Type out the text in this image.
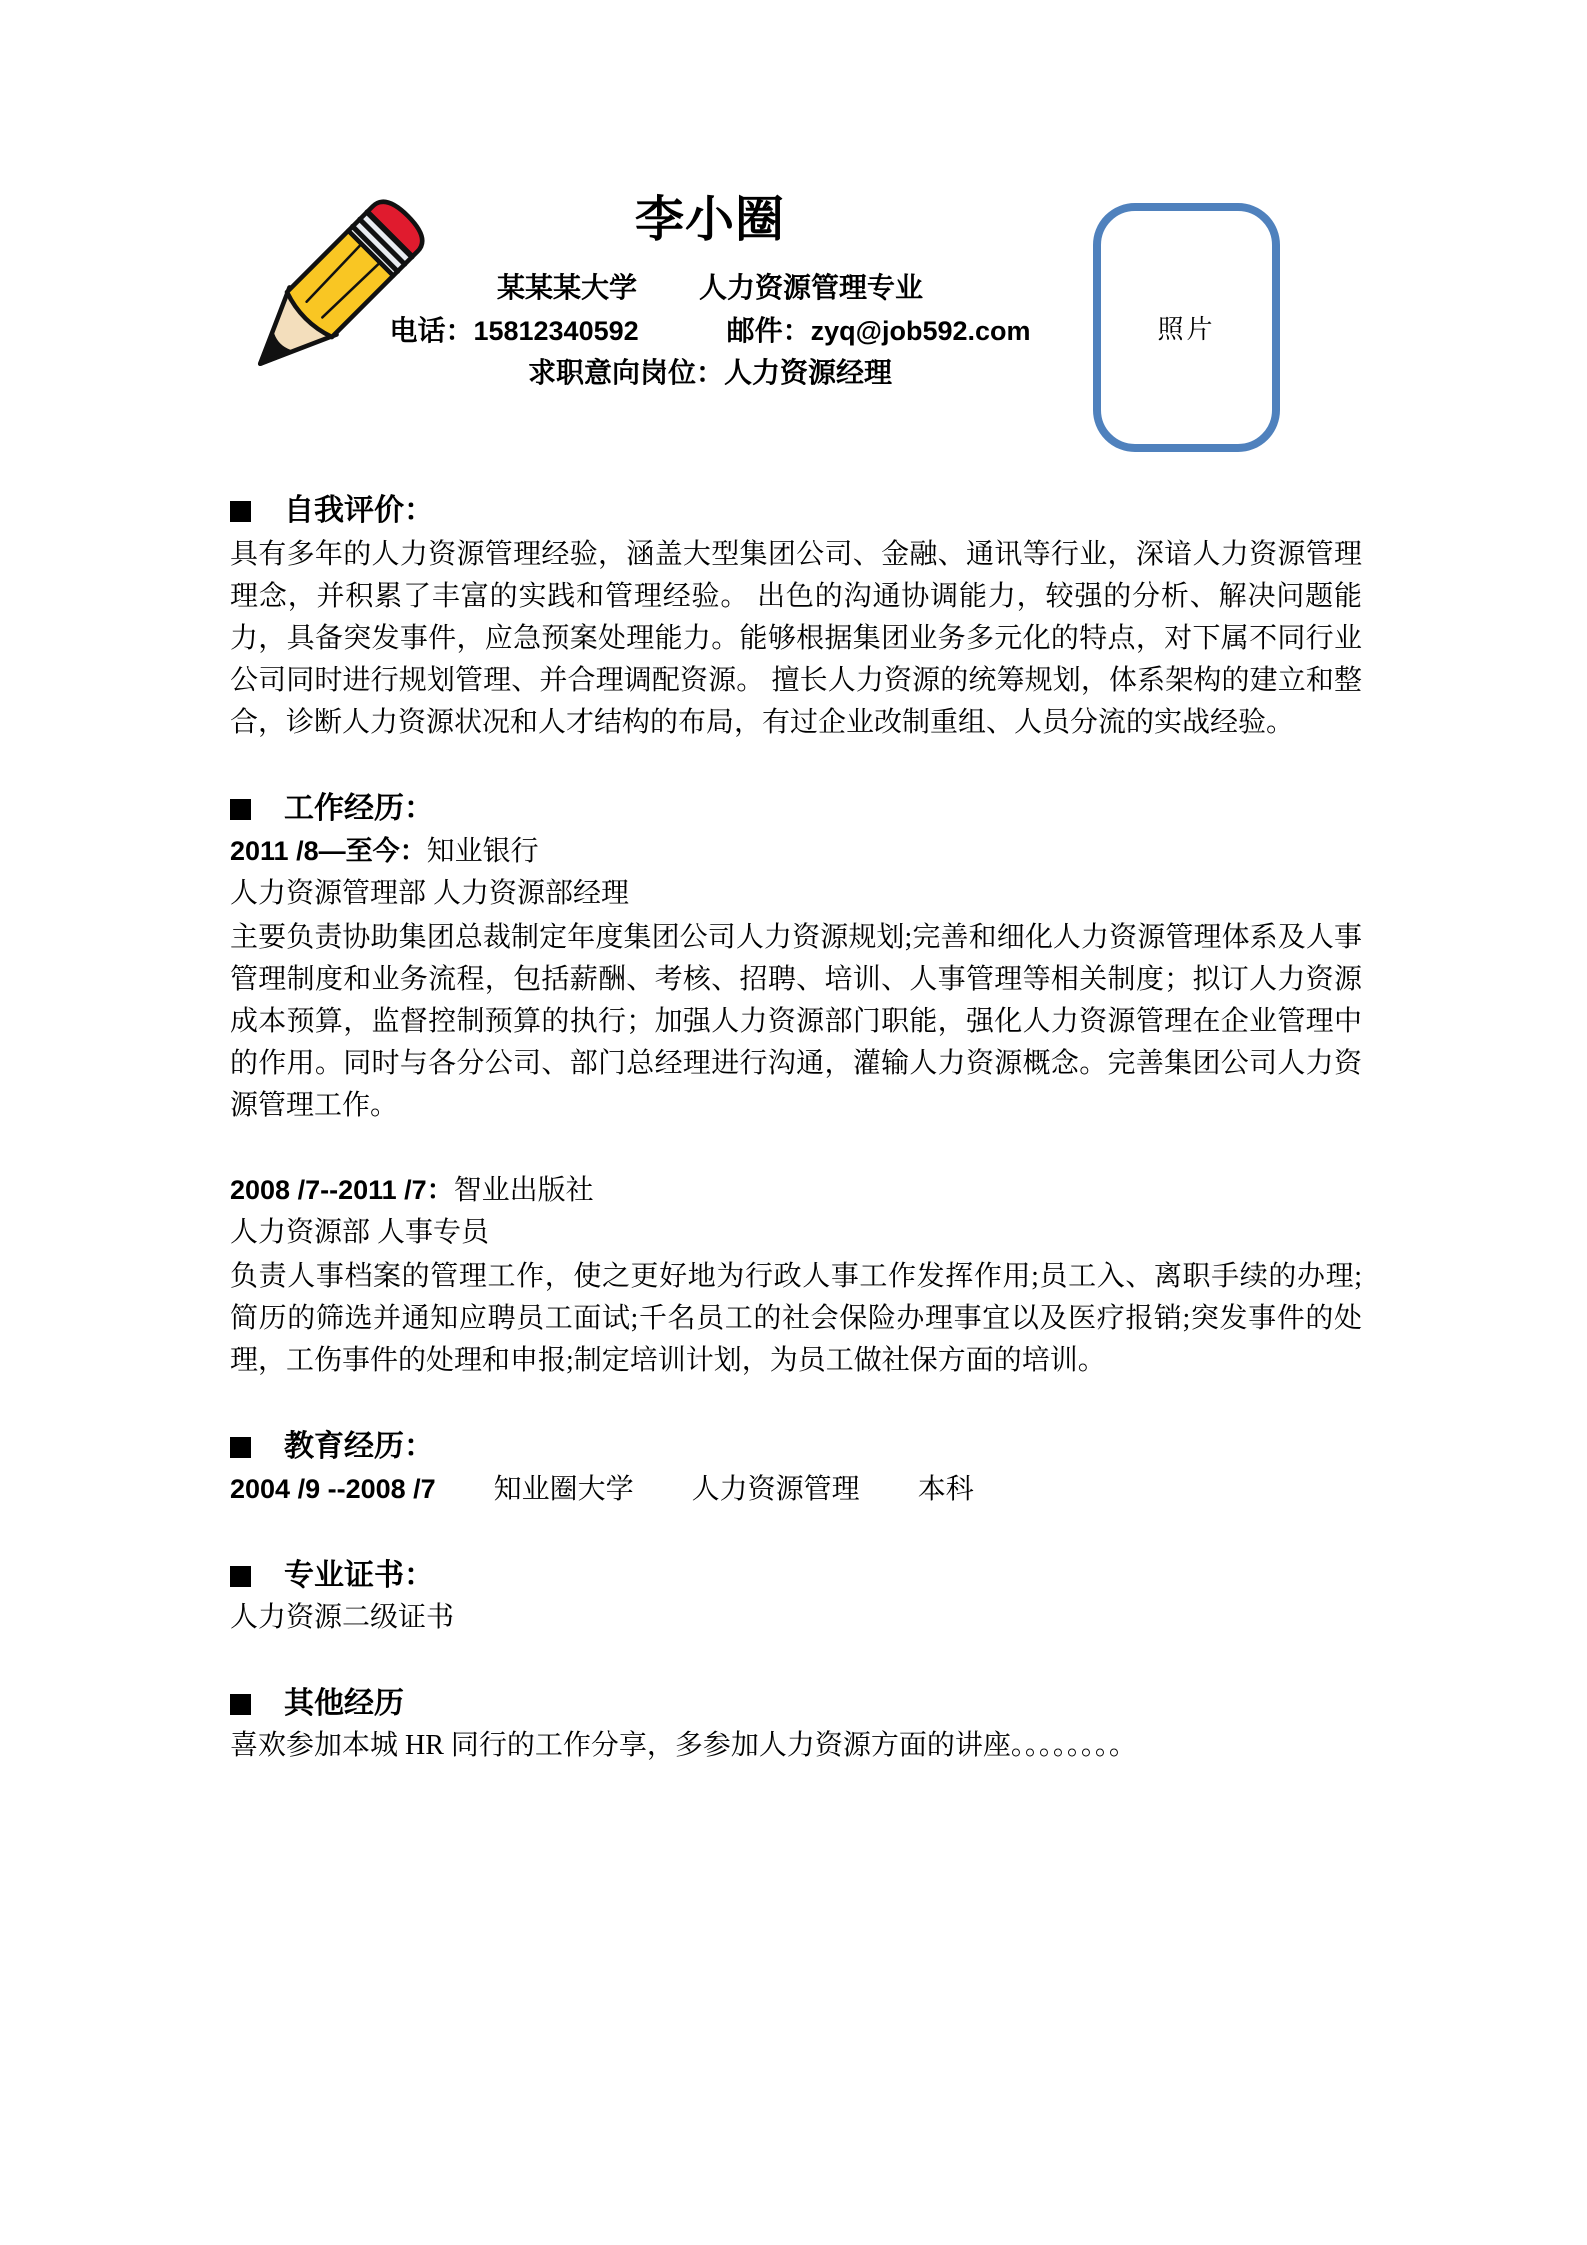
李小圈
某某某大学 人力资源管理专业
电话：15812340592	邮件：zyq@job592.com
求职意向岗位：人力资源经理
照片
自我评价：

具有多年的人力资源管理经验，涵盖大型集团公司、金融、通讯等行业，深谙人力资源管理理念，并积累了丰富的实践和管理经验。 出色的沟通协调能力，较强的分析、解决问题能力，具备突发事件，应急预案处理能力。能够根据集团业务多元化的特点，对下属不同行业公司同时进行规划管理、并合理调配资源。 擅长人力资源的统筹规划，体系架构的建立和整合，诊断人力资源状况和人才结构的布局，有过企业改制重组、人员分流的实战经验。

工作经历：

2011 /8—至今：知业银行

人力资源管理部 人力资源部经理

主要负责协助集团总裁制定年度集团公司人力资源规划;完善和细化人力资源管理体系及人事管理制度和业务流程，包括薪酬、考核、招聘、培训、人事管理等相关制度；拟订人力资源成本预算，监督控制预算的执行；加强人力资源部门职能，强化人力资源管理在企业管理中的作用。同时与各分公司、部门总经理进行沟通，灌输人力资源概念。完善集团公司人力资源管理工作。

2008 /7--2011 /7：智业出版社

人力资源部 人事专员

负责人事档案的管理工作，使之更好地为行政人事工作发挥作用;员工入、离职手续的办理;简历的筛选并通知应聘员工面试;千名员工的社会保险办理事宜以及医疗报销;突发事件的处理，工伤事件的处理和申报;制定培训计划，为员工做社保方面的培训。

教育经历：

2004 /9 --2008 /7 知业圈大学 人力资源管理 本科

专业证书：

人力资源二级证书

其他经历

喜欢参加本城 HR 同行的工作分享，多参加人力资源方面的讲座。。。。。。。。
